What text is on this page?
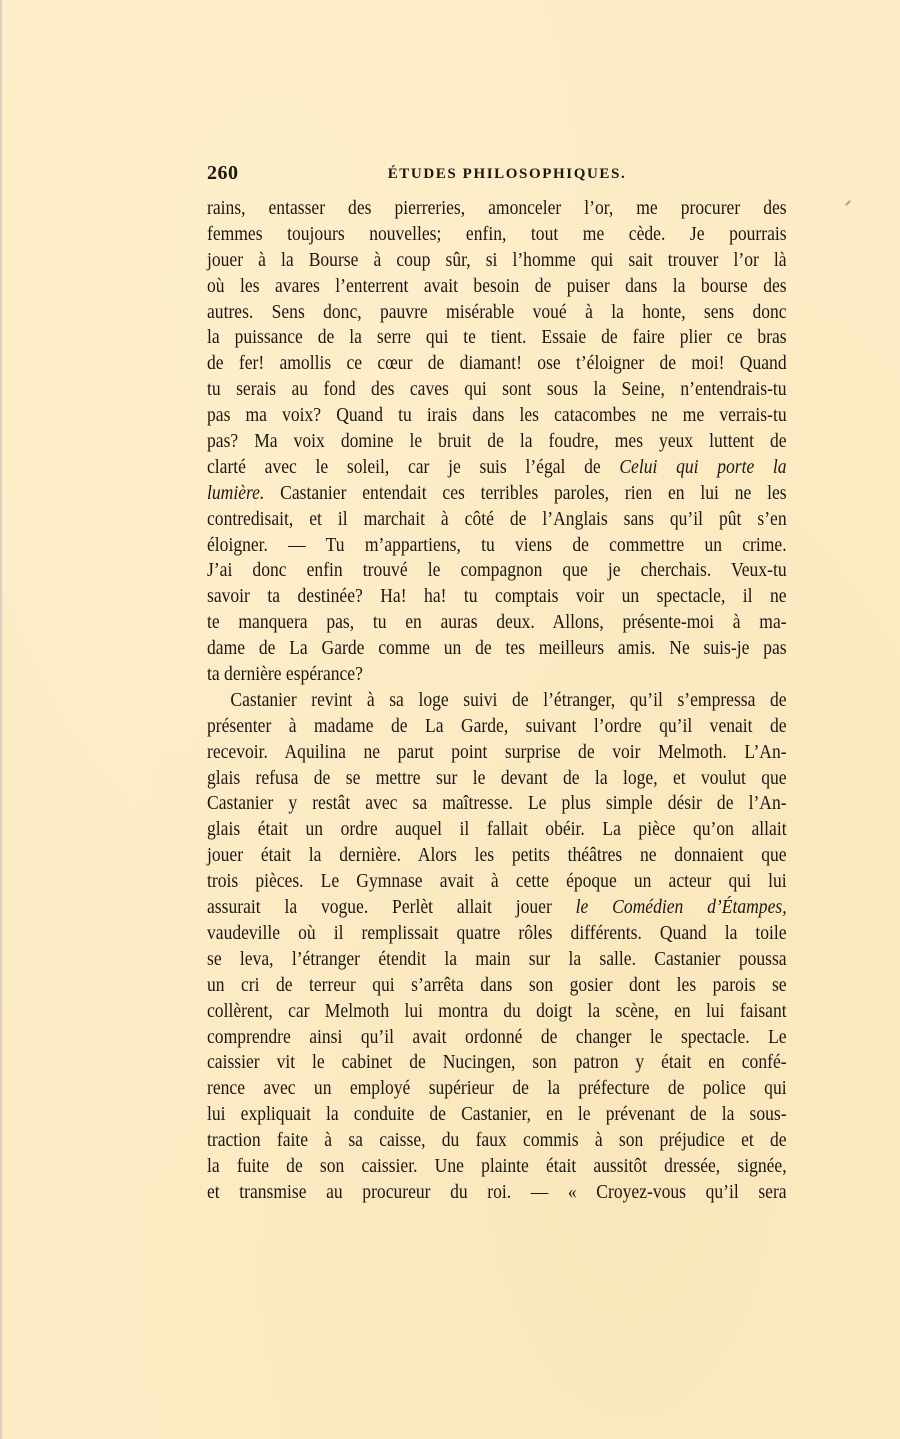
260	ÉTUDES PHILOSOPHIQUES.
rains, entasser des pierreries, amonceler l’or, me procurer des
femmes toujours nouvelles; enfin, tout me cède. Je pourrais
jouer à la Bourse à coup sûr, si l’homme qui sait trouver l’or là
où les avares l’enterrent avait besoin de puiser dans la bourse des
autres. Sens donc, pauvre misérable voué à la honte, sens donc
la puissance de la serre qui te tient. Essaie de faire plier ce bras
de fer! amollis ce cœur de diamant! ose t’éloigner de moi! Quand
tu serais au fond des caves qui sont sous la Seine, n’entendrais-tu
pas ma voix? Quand tu irais dans les catacombes ne me verrais-tu
pas? Ma voix domine le bruit de la foudre, mes yeux luttent de
clarté avec le soleil, car je suis l’égal de Celui qui porte la
lumière. Castanier entendait ces terribles paroles, rien en lui ne les
contredisait, et il marchait à côté de l’Anglais sans qu’il pût s’en
éloigner. — Tu m’appartiens, tu viens de commettre un crime.
J’ai donc enfin trouvé le compagnon que je cherchais. Veux-tu
savoir ta destinée? Ha! ha! tu comptais voir un spectacle, il ne
te manquera pas, tu en auras deux. Allons, présente-moi à ma-
dame de La Garde comme un de tes meilleurs amis. Ne suis-je pas
ta dernière espérance?
Castanier revint à sa loge suivi de l’étranger, qu’il s’empressa de
présenter à madame de La Garde, suivant l’ordre qu’il venait de
recevoir. Aquilina ne parut point surprise de voir Melmoth. L’An-
glais refusa de se mettre sur le devant de la loge, et voulut que
Castanier y restât avec sa maîtresse. Le plus simple désir de l’An-
glais était un ordre auquel il fallait obéir. La pièce qu’on allait
jouer était la dernière. Alors les petits théâtres ne donnaient que
trois pièces. Le Gymnase avait à cette époque un acteur qui lui
assurait la vogue. Perlèt allait jouer le Comédien d’Étampes,
vaudeville où il remplissait quatre rôles différents. Quand la toile
se leva, l’étranger étendit la main sur la salle. Castanier poussa
un cri de terreur qui s’arrêta dans son gosier dont les parois se
collèrent, car Melmoth lui montra du doigt la scène, en lui faisant
comprendre ainsi qu’il avait ordonné de changer le spectacle. Le
caissier vit le cabinet de Nucingen, son patron y était en confé-
rence avec un employé supérieur de la préfecture de police qui
lui expliquait la conduite de Castanier, en le prévenant de la sous-
traction faite à sa caisse, du faux commis à son préjudice et de
la fuite de son caissier. Une plainte était aussitôt dressée, signée,
et transmise au procureur du roi. — « Croyez-vous qu’il sera
